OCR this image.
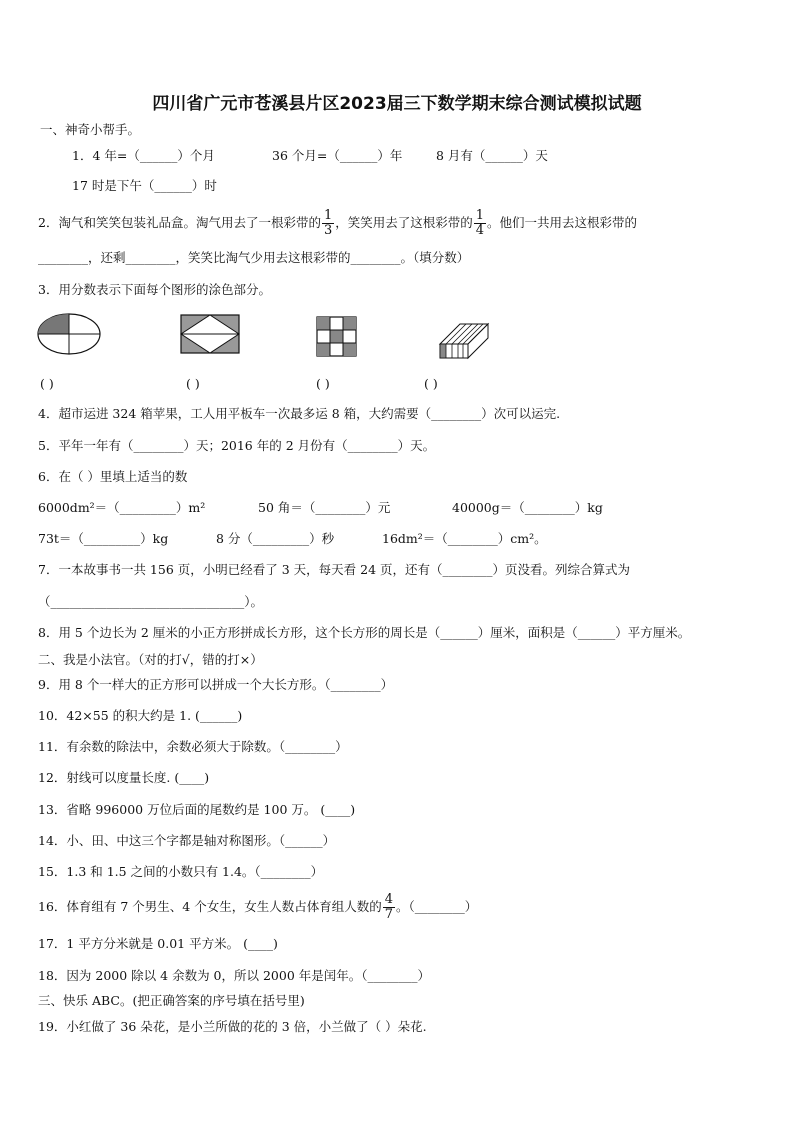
四川省广元市苍溪县片区2023届三下数学期末综合测试模拟试题
一、神奇小帮手。
1．4 年=（______）个月	36 个月=（______）年	8 月有（______）天
17 时是下午（______）时
2．淘气和笑笑包装礼品盒。淘气用去了一根彩带的 $\frac{1}{3}$ ，笑笑用去了这根彩带的 $\frac{1}{4}$ 。他们一共用去这根彩带的
________，还剩________，笑笑比淘气少用去这根彩带的________。（填分数）
3．用分数表示下面每个图形的涂色部分。
( )	( )	( )	( )
4．超市运进 324 箱苹果，工人用平板车一次最多运 8 箱，大约需要（________）次可以运完.
5．平年一年有（________）天；2016 年的 2 月份有（________）天。
6．在（ ）里填上适当的数
6000dm²＝（_________）m²	50 角＝（________）元	40000g＝（________）kg
73t＝（_________）kg	8 分（_________）秒	16dm²＝（________）cm²。
7．一本故事书一共 156 页，小明已经看了 3 天，每天看 24 页，还有（________）页没看。列综合算式为
（_______________________________）。
8．用 5 个边长为 2 厘米的小正方形拼成长方形，这个长方形的周长是（______）厘米，面积是（______）平方厘米。
二、我是小法官。（对的打√，错的打×）
9．用 8 个一样大的正方形可以拼成一个大长方形。（________）
10．42×55 的积大约是 1. (______)
11．有余数的除法中，余数必须大于除数。（________）
12．射线可以度量长度. (____)
13．省略 996000 万位后面的尾数约是 100 万。 (____)
14．小、田、中这三个字都是轴对称图形。（______）
15．1.3 和 1.5 之间的小数只有 1.4。（________）
16．体育组有 7 个男生、4 个女生，女生人数占体育组人数的 $\frac{4}{7}$ 。（________）
17．1 平方分米就是 0.01 平方米。 (____)
18．因为 2000 除以 4 余数为 0，所以 2000 年是闰年。（________）
三、快乐 ABC。(把正确答案的序号填在括号里)
19．小红做了 36 朵花，是小兰所做的花的 3 倍，小兰做了（ ）朵花.
